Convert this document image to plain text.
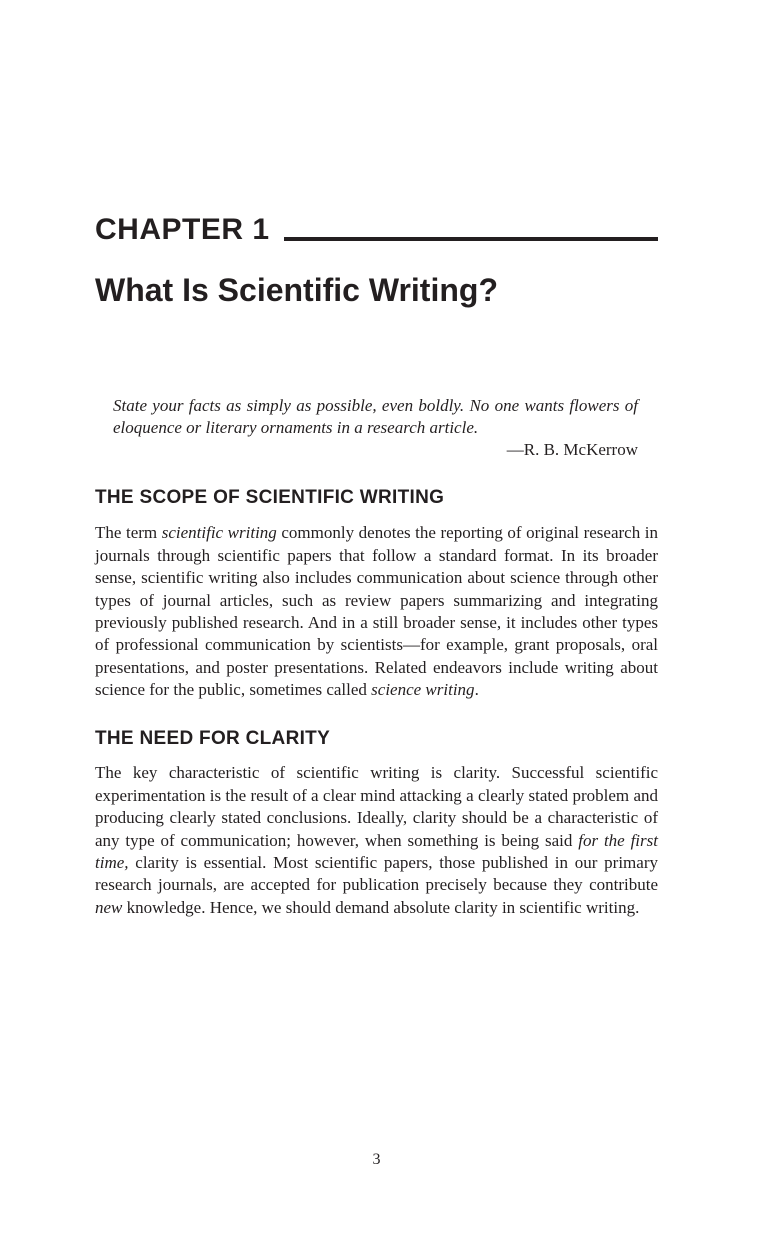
CHAPTER 1
What Is Scientific Writing?
State your facts as simply as possible, even boldly. No one wants flowers of eloquence or literary ornaments in a research article.
—R. B. McKerrow
THE SCOPE OF SCIENTIFIC WRITING
The term scientific writing commonly denotes the reporting of original research in journals through scientific papers that follow a standard format. In its broader sense, scientific writing also includes communication about science through other types of journal articles, such as review papers summarizing and integrating previously published research. And in a still broader sense, it includes other types of professional communication by scientists—for example, grant proposals, oral presentations, and poster presentations. Related endeavors include writing about science for the public, sometimes called science writing.
THE NEED FOR CLARITY
The key characteristic of scientific writing is clarity. Successful scientific experimentation is the result of a clear mind attacking a clearly stated problem and producing clearly stated conclusions. Ideally, clarity should be a characteristic of any type of communication; however, when something is being said for the first time, clarity is essential. Most scientific papers, those published in our primary research journals, are accepted for publication precisely because they contribute new knowledge. Hence, we should demand absolute clarity in scientific writing.
3
